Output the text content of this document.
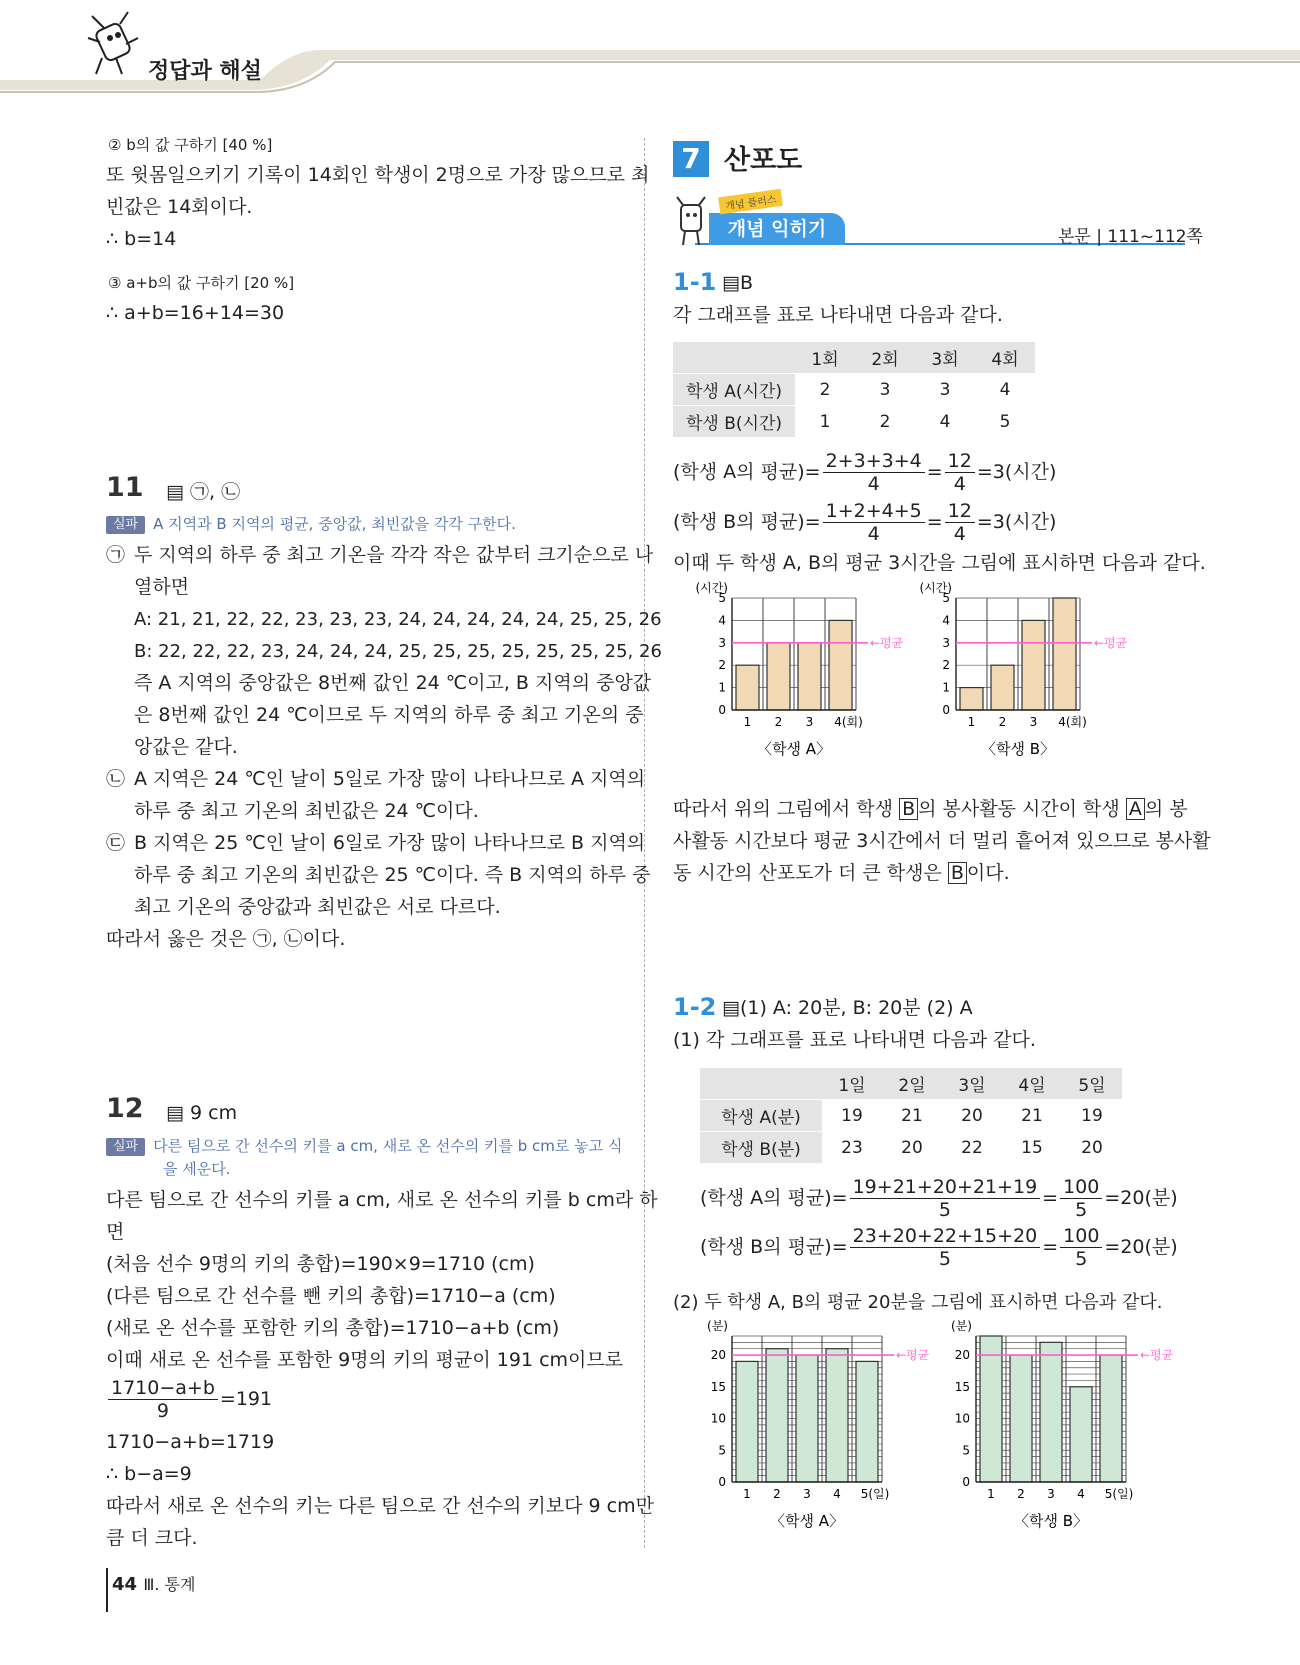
정답과 해설
② b의 값 구하기 [40 %]
또 윗몸일으키기 기록이 14회인 학생이 2명으로 가장 많으므로 최
빈값은 14회이다.
∴ b=14
③ a+b의 값 구하기 [20 %]
∴ a+b=16+14=30
11 ▤ ㉠, ㉡
실파 A 지역과 B 지역의 평균, 중앙값, 최빈값을 각각 구한다.
㉠ 두 지역의 하루 중 최고 기온을 각각 작은 값부터 크기순으로 나
열하면
A: 21, 21, 22, 22, 23, 23, 23, 24, 24, 24, 24, 24, 25, 25, 26
B: 22, 22, 22, 23, 24, 24, 24, 25, 25, 25, 25, 25, 25, 25, 26
즉 A 지역의 중앙값은 8번째 값인 24 ℃이고, B 지역의 중앙값
은 8번째 값인 24 ℃이므로 두 지역의 하루 중 최고 기온의 중
앙값은 같다.
㉡ A 지역은 24 ℃인 날이 5일로 가장 많이 나타나므로 A 지역의
하루 중 최고 기온의 최빈값은 24 ℃이다.
㉢ B 지역은 25 ℃인 날이 6일로 가장 많이 나타나므로 B 지역의
하루 중 최고 기온의 최빈값은 25 ℃이다. 즉 B 지역의 하루 중
최고 기온의 중앙값과 최빈값은 서로 다르다.
따라서 옳은 것은 ㉠, ㉡이다.
12 ▤ 9 cm
실파 다른 팀으로 간 선수의 키를 a cm, 새로 온 선수의 키를 b cm로 놓고 식
을 세운다.
다른 팀으로 간 선수의 키를 a cm, 새로 온 선수의 키를 b cm라 하
면
(처음 선수 9명의 키의 총합)=190×9=1710 (cm)
(다른 팀으로 간 선수를 뺀 키의 총합)=1710−a (cm)
(새로 온 선수를 포함한 키의 총합)=1710−a+b (cm)
이때 새로 온 선수를 포함한 9명의 키의 평균이 191 cm이므로
$\frac{1710-a+b}{9} =191$
1710−a+b=1719
∴ b−a=9
따라서 새로 온 선수의 키는 다른 팀으로 간 선수의 키보다 9 cm만
큼 더 크다.
44 Ⅲ. 통계
7 산포도
개념 익히기
개념 플러스
본문 | 111~112쪽
1-1 ▤B
각 그래프를 표로 나타내면 다음과 같다.
	1회	2회	3회	4회
학생 A(시간)	2	3	3	4
학생 B(시간)	1	2	4	5
(학생 A의 평균)= $\frac{2+3+3+4}{4} = \frac{12}{4} =3$(시간)
(학생 B의 평균)= $\frac{1+2+4+5}{4} = \frac{12}{4} =3$(시간)
이때 두 학생 A, B의 평균 3시간을 그림에 표시하면 다음과 같다.
0
1
2
3
4
5
(시간)
1 2 3 4(회)
←평균
〈학생 A〉
0
1
2
3
4
5
(시간)
1 2 3 4(회)
←평균
〈학생 B〉
따라서 위의 그림에서 학생 B 의 봉사활동 시간이 학생 A 의 봉
사활동 시간보다 평균 3시간에서 더 멀리 흩어져 있으므로 봉사활
동 시간의 산포도가 더 큰 학생은 B 이다.
1-2 ▤(1) A: 20분, B: 20분 (2) A
(1) 각 그래프를 표로 나타내면 다음과 같다.
	1일	2일	3일	4일	5일
학생 A(분)	19	21	20	21	19
학생 B(분)	23	20	22	15	20
(학생 A의 평균)= $\frac{19+21+20+21+19}{5} = \frac{100}{5} =20$(분)
(학생 B의 평균)= $\frac{23+20+22+15+20}{5} = \frac{100}{5} =20$(분)
(2) 두 학생 A, B의 평균 20분을 그림에 표시하면 다음과 같다.
0
5
10
15
20
(분)
1 2 3 4 5(일)
←평균
〈학생 A〉
0
5
10
15
20
(분)
1 2 3 4 5(일)
←평균
〈학생 B〉
